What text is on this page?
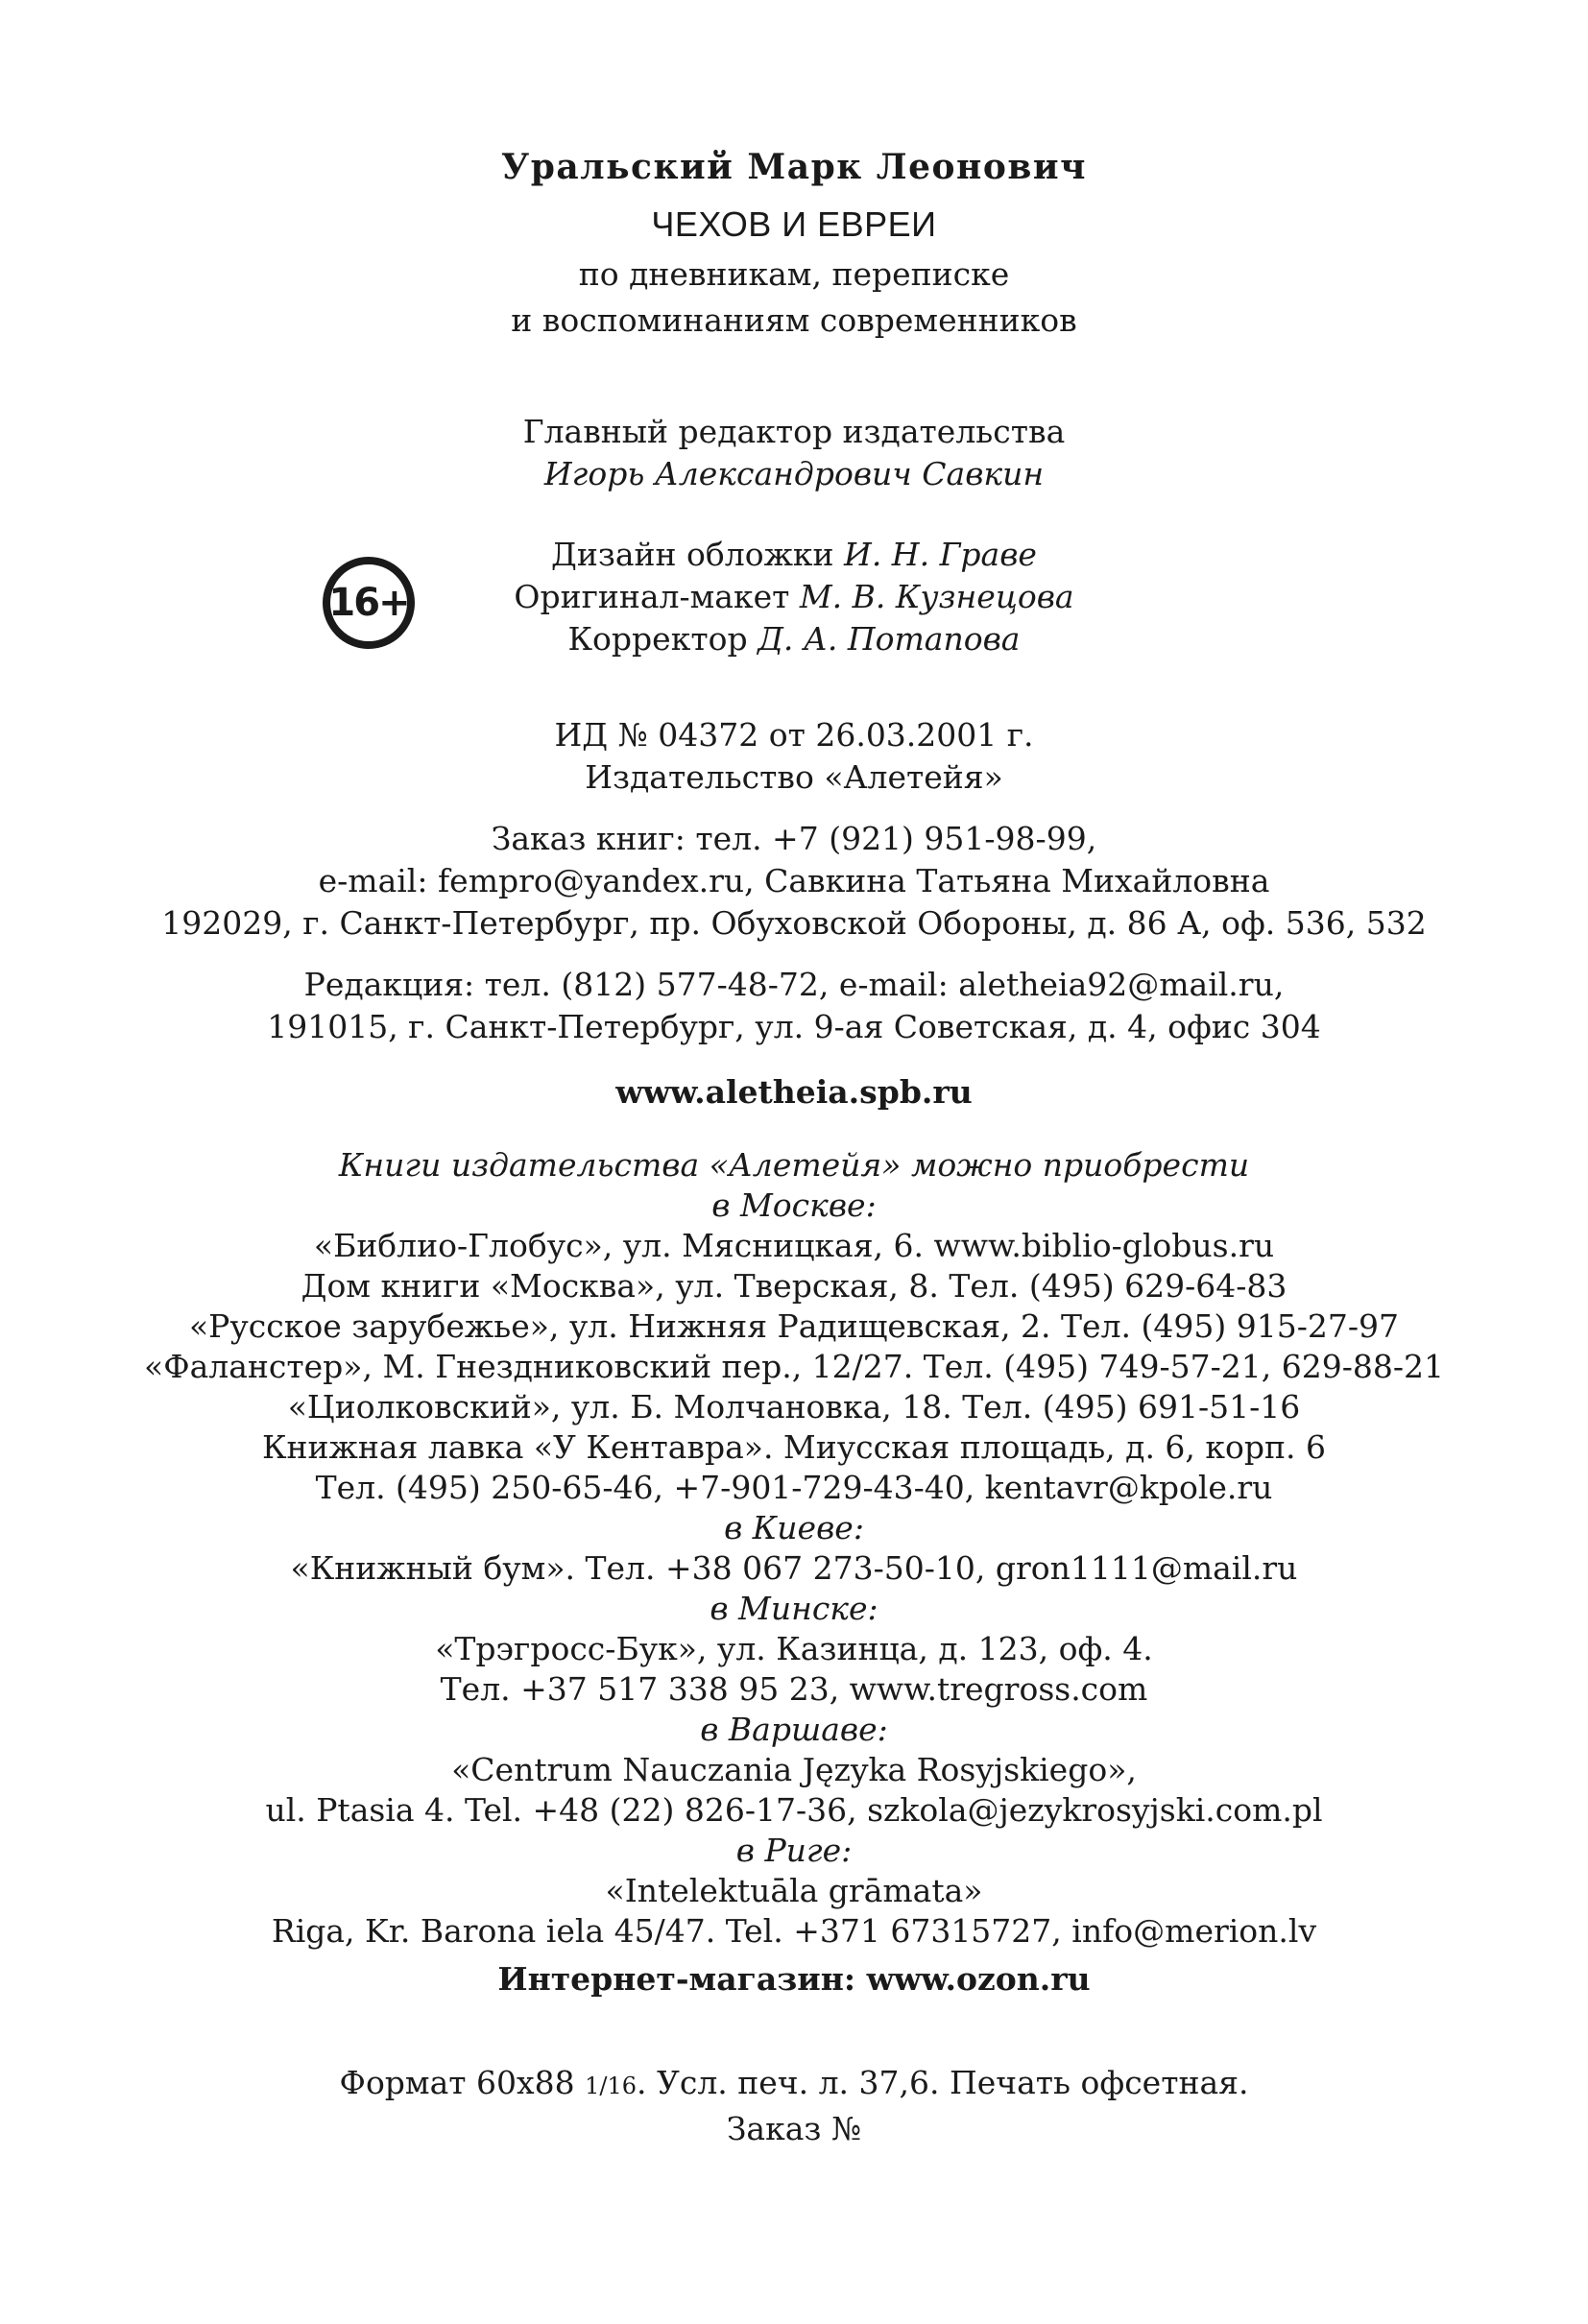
Уральский Марк Леонович
ЧЕХОВ И ЕВРЕИ
по дневникам, переписке
и воспоминаниям современников
Главный редактор издательства
Игорь Александрович Савкин
16+
Дизайн обложки И. Н. Граве
Оригинал-макет М. В. Кузнецова
Корректор Д. А. Потапова
ИД № 04372 от 26.03.2001 г.
Издательство «Алетейя»
Заказ книг: тел. +7 (921) 951-98-99,
e-mail: fempro@yandex.ru, Савкина Татьяна Михайловна
192029, г. Санкт-Петербург, пр. Обуховской Обороны, д. 86 А, оф. 536, 532
Редакция: тел. (812) 577-48-72, e-mail: aletheia92@mail.ru,
191015, г. Санкт-Петербург, ул. 9-ая Советская, д. 4, офис 304
www.aletheia.spb.ru
Книги издательства «Алетейя» можно приобрести
в Москве:
«Библио-Глобус», ул. Мясницкая, 6. www.biblio-globus.ru
Дом книги «Москва», ул. Тверская, 8. Тел. (495) 629-64-83
«Русское зарубежье», ул. Нижняя Радищевская, 2. Тел. (495) 915-27-97
«Фаланстер», М. Гнездниковский пер., 12/27. Тел. (495) 749-57-21, 629-88-21
«Циолковский», ул. Б. Молчановка, 18. Тел. (495) 691-51-16
Книжная лавка «У Кентавра». Миусская площадь, д. 6, корп. 6
Тел. (495) 250-65-46, +7-901-729-43-40, kentavr@kpole.ru
в Киеве:
«Книжный бум». Тел. +38 067 273-50-10, gron1111@mail.ru
в Минске:
«Трэгросс-Бук», ул. Казинца, д. 123, оф. 4.
Тел. +37 517 338 95 23, www.tregross.com
в Варшаве:
«Centrum Nauczania Języka Rosyjskiego»,
ul. Ptasia 4. Tel. +48 (22) 826-17-36, szkola@jezykrosyjski.com.pl
в Риге:
«Intelektuāla grāmata»
Riga, Kr. Barona iela 45/47. Tel. +371 67315727, info@merion.lv
Интернет-магазин: www.ozon.ru
Формат 60х88 1/16. Усл. печ. л. 37,6. Печать офсетная.
Заказ №
